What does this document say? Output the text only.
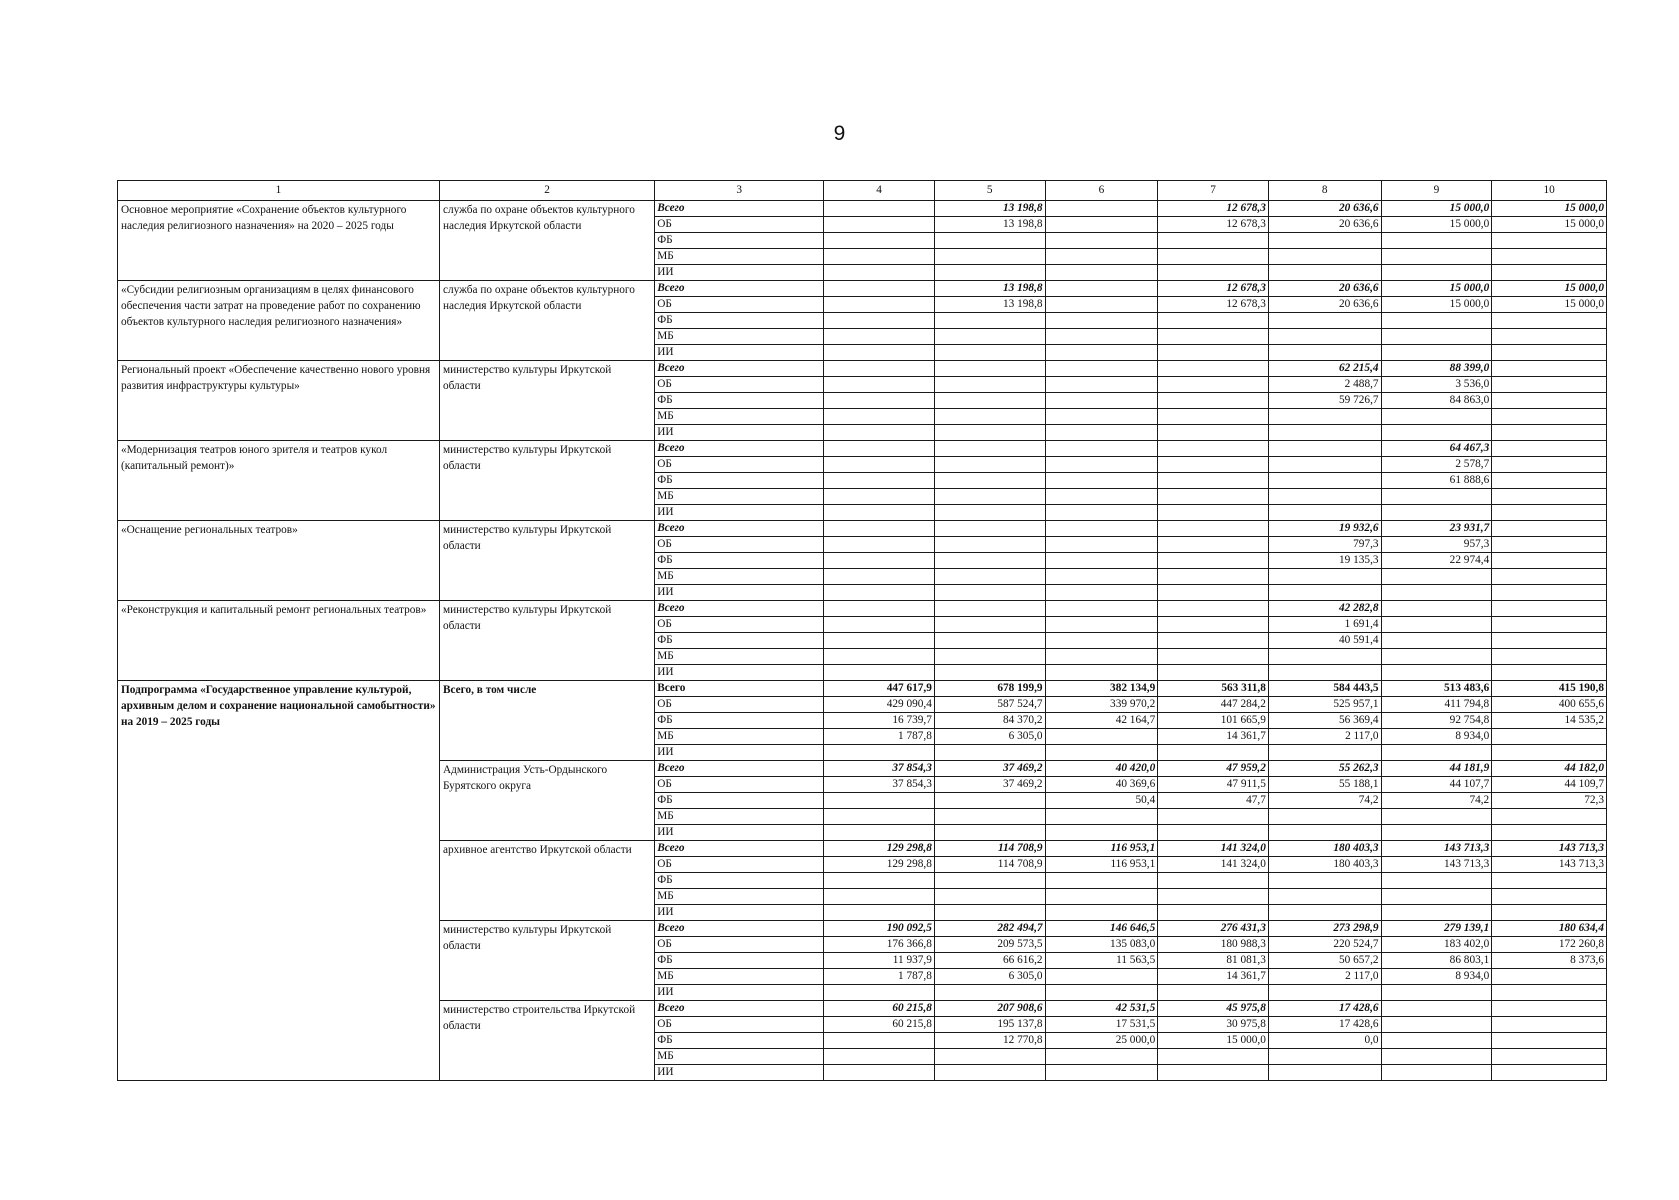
9
1	2	3	4	5	6	7	8	9	10
Основное мероприятие «Сохранение объектов культурного наследия религиозного назначения» на 2020 – 2025 годы	служба по охране объектов культурного наследия Иркутской области	Всего		13 198,8		12 678,3	20 636,6	15 000,0	15 000,0
		ОБ		13 198,8		12 678,3	20 636,6	15 000,0	15 000,0
		ФБ							
		МБ							
		ИИ							
«Субсидии религиозным организациям в целях финансового обеспечения части затрат на проведение работ по сохранению объектов культурного наследия религиозного назначения»	служба по охране объектов культурного наследия Иркутской области	Всего		13 198,8		12 678,3	20 636,6	15 000,0	15 000,0
		ОБ		13 198,8		12 678,3	20 636,6	15 000,0	15 000,0
		ФБ							
		МБ							
		ИИ							
Региональный проект «Обеспечение качественно нового уровня развития инфраструктуры культуры»	министерство культуры Иркутской области	Всего					62 215,4	88 399,0	
		ОБ					2 488,7	3 536,0	
		ФБ					59 726,7	84 863,0	
		МБ							
		ИИ							
«Модернизация театров юного зрителя и театров кукол (капитальный ремонт)»	министерство культуры Иркутской области	Всего						64 467,3	
		ОБ						2 578,7	
		ФБ						61 888,6	
		МБ							
		ИИ							
«Оснащение региональных театров»	министерство культуры Иркутской области	Всего					19 932,6	23 931,7	
		ОБ					797,3	957,3	
		ФБ					19 135,3	22 974,4	
		МБ							
		ИИ							
«Реконструкция и капитальный ремонт региональных театров»	министерство культуры Иркутской области	Всего					42 282,8		
		ОБ					1 691,4		
		ФБ					40 591,4		
		МБ							
		ИИ							
Подпрограмма «Государственное управление культурой, архивным делом и сохранение национальной самобытности» на 2019 – 2025 годы	Всего, в том числе	Всего	447 617,9	678 199,9	382 134,9	563 311,8	584 443,5	513 483,6	415 190,8
		ОБ	429 090,4	587 524,7	339 970,2	447 284,2	525 957,1	411 794,8	400 655,6
		ФБ	16 739,7	84 370,2	42 164,7	101 665,9	56 369,4	92 754,8	14 535,2
		МБ	1 787,8	6 305,0		14 361,7	2 117,0	8 934,0	
		ИИ							
	Администрация Усть-Ордынского Бурятского округа	Всего	37 854,3	37 469,2	40 420,0	47 959,2	55 262,3	44 181,9	44 182,0
		ОБ	37 854,3	37 469,2	40 369,6	47 911,5	55 188,1	44 107,7	44 109,7
		ФБ			50,4	47,7	74,2	74,2	72,3
		МБ							
		ИИ							
	архивное агентство Иркутской области	Всего	129 298,8	114 708,9	116 953,1	141 324,0	180 403,3	143 713,3	143 713,3
		ОБ	129 298,8	114 708,9	116 953,1	141 324,0	180 403,3	143 713,3	143 713,3
		ФБ							
		МБ							
		ИИ							
	министерство культуры Иркутской области	Всего	190 092,5	282 494,7	146 646,5	276 431,3	273 298,9	279 139,1	180 634,4
		ОБ	176 366,8	209 573,5	135 083,0	180 988,3	220 524,7	183 402,0	172 260,8
		ФБ	11 937,9	66 616,2	11 563,5	81 081,3	50 657,2	86 803,1	8 373,6
		МБ	1 787,8	6 305,0		14 361,7	2 117,0	8 934,0	
		ИИ							
	министерство строительства Иркутской области	Всего	60 215,8	207 908,6	42 531,5	45 975,8	17 428,6		
		ОБ	60 215,8	195 137,8	17 531,5	30 975,8	17 428,6		
		ФБ		12 770,8	25 000,0	15 000,0	0,0		
		МБ							
		ИИ							
